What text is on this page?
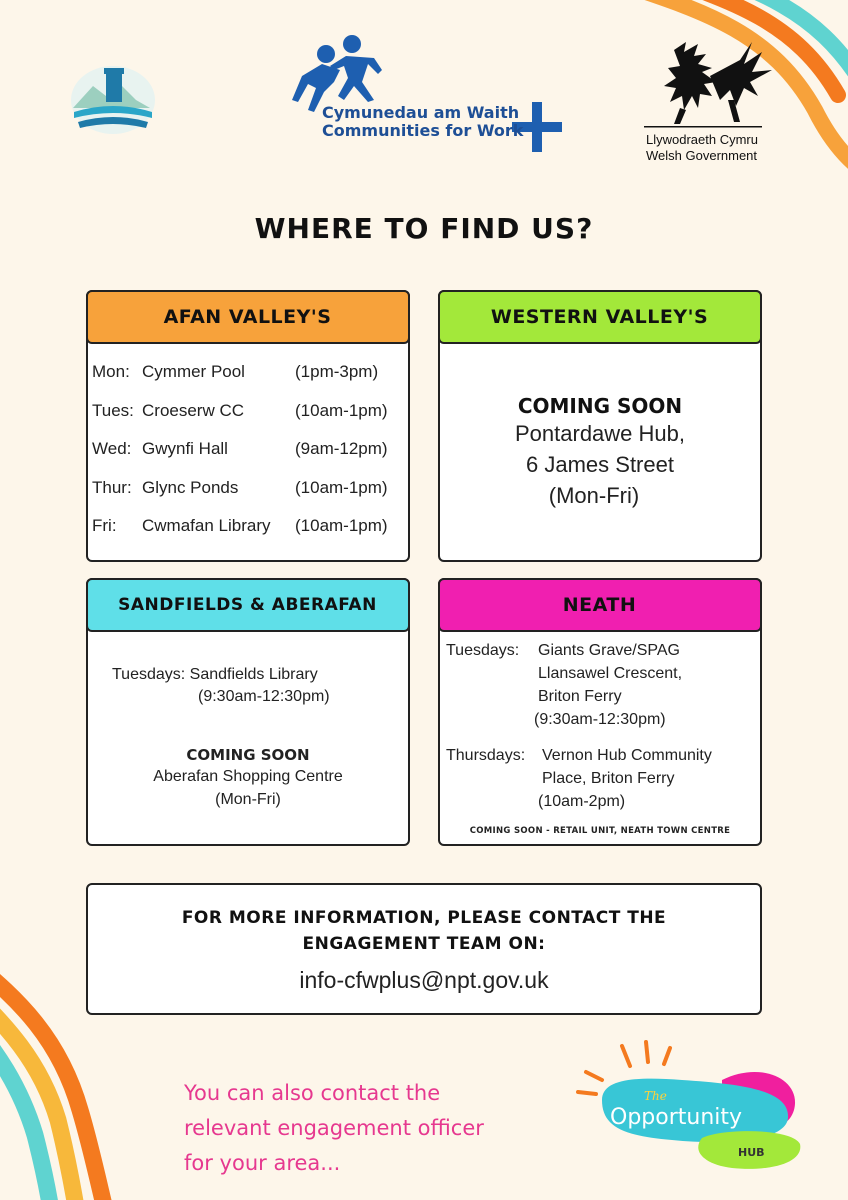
Cymunedau am Waith
Communities for Work	Llywodraeth Cymru
Welsh Government
WHERE TO FIND US?
AFAN VALLEY'S
Mon: Cymmer Pool	(1pm-3pm)
Tues: Croeserw CC	(10am-1pm)
Wed: Gwynfi Hall	(9am-12pm)
Thur: Glync Ponds	(10am-1pm)
Fri: Cwmafan Library (10am-1pm)
WESTERN VALLEY'S
COMING SOON
Pontardawe Hub,
6 James Street
(Mon-Fri)
SANDFIELDS & ABERAFAN
Tuesdays: Sandfields Library
(9:30am-12:30pm)
COMING SOON
Aberafan Shopping Centre
(Mon-Fri)
NEATH
Tuesdays: Giants Grave/SPAG
Llansawel Crescent,
Briton Ferry
(9:30am-12:30pm)
Thursdays: Vernon Hub Community
Place, Briton Ferry
(10am-2pm)
COMING SOON - RETAIL UNIT, NEATH TOWN CENTRE
FOR MORE INFORMATION, PLEASE CONTACT THE
ENGAGEMENT TEAM ON:
info-cfwplus@npt.gov.uk
You can also contact the
relevant engagement officer
for your area...
The
Opportunity
HUB
